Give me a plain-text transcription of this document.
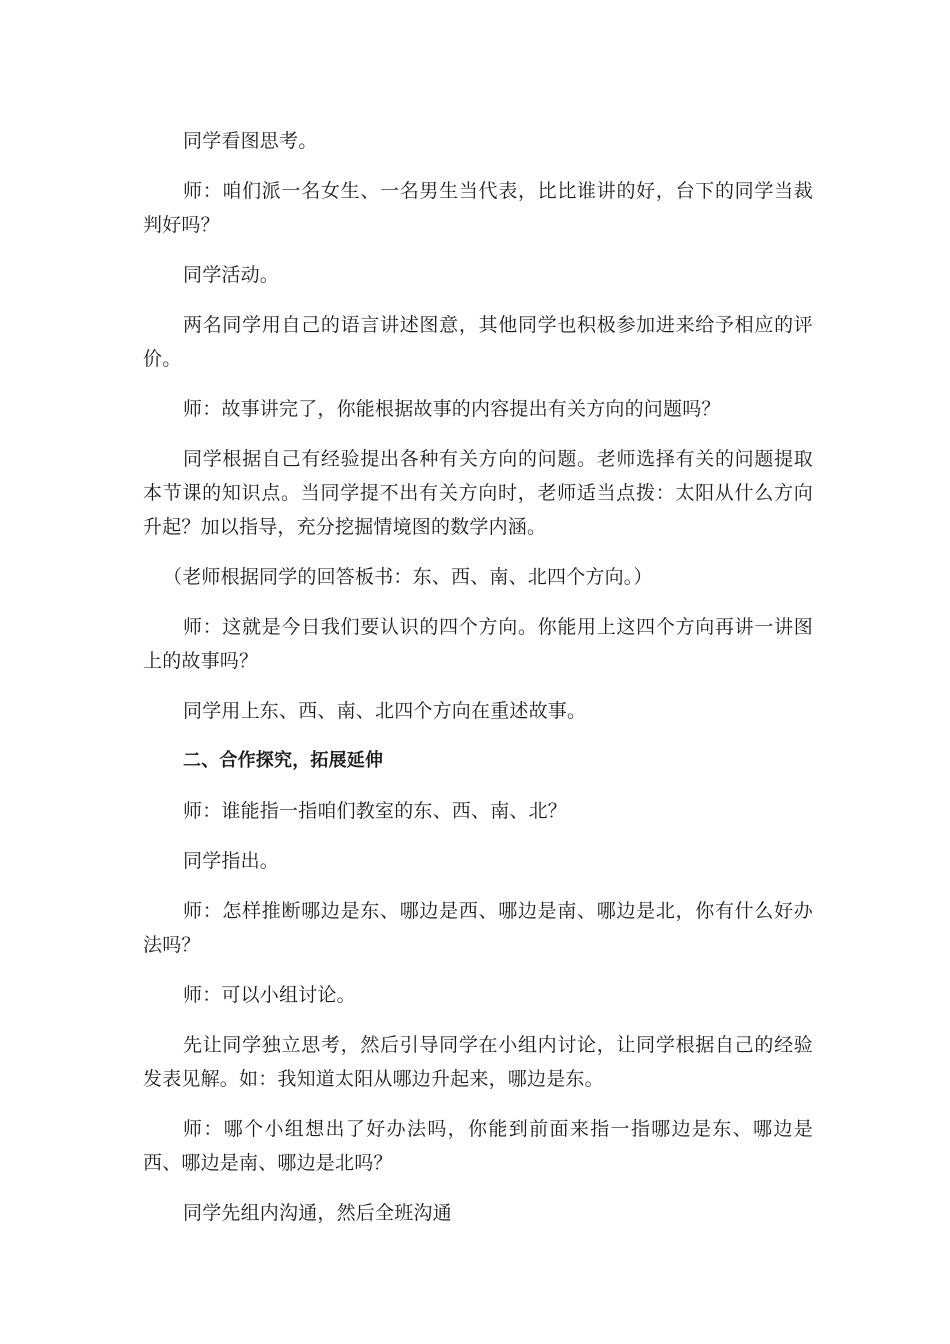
同学看图思考。

师：咱们派一名女生、一名男生当代表，比比谁讲的好，台下的同学当裁判好吗？

同学活动。

两名同学用自己的语言讲述图意，其他同学也积极参加进来给予相应的评价。

师：故事讲完了，你能根据故事的内容提出有关方向的问题吗？

同学根据自己有经验提出各种有关方向的问题。老师选择有关的问题提取本节课的知识点。当同学提不出有关方向时，老师适当点拨：太阳从什么方向升起？加以指导，充分挖掘情境图的数学内涵。

（老师根据同学的回答板书：东、西、南、北四个方向。）

师：这就是今日我们要认识的四个方向。你能用上这四个方向再讲一讲图上的故事吗？

同学用上东、西、南、北四个方向在重述故事。

二、合作探究，拓展延伸

师：谁能指一指咱们教室的东、西、南、北？

同学指出。

师：怎样推断哪边是东、哪边是西、哪边是南、哪边是北，你有什么好办法吗？

师：可以小组讨论。

先让同学独立思考，然后引导同学在小组内讨论，让同学根据自己的经验发表见解。如：我知道太阳从哪边升起来，哪边是东。

师：哪个小组想出了好办法吗，你能到前面来指一指哪边是东、哪边是西、哪边是南、哪边是北吗？

同学先组内沟通，然后全班沟通
